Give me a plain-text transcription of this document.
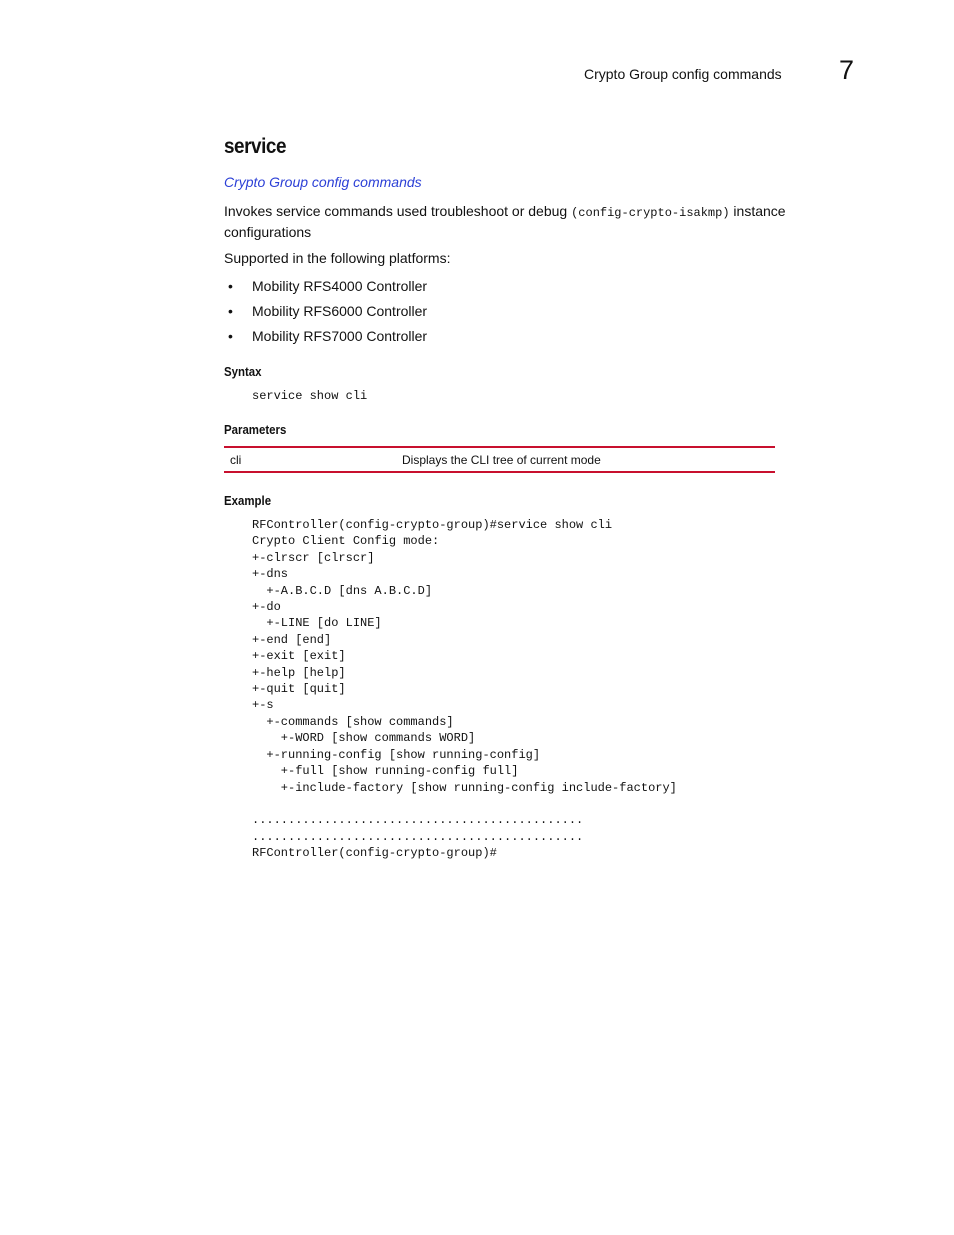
Crypto Group config commands 7
service
Crypto Group config commands

Invokes service commands used troubleshoot or debug (config-crypto-isakmp) instance configurations

Supported in the following platforms:

• Mobility RFS4000 Controller
• Mobility RFS6000 Controller
• Mobility RFS7000 Controller
Syntax
service show cli
Parameters
cli	Displays the CLI tree of current mode
Example
RFController(config-crypto-group)#service show cli
Crypto Client Config mode:
+-clrscr [clrscr]
+-dns
+-A.B.C.D [dns A.B.C.D]
+-do
+-LINE [do LINE]
+-end [end]
+-exit [exit]
+-help [help]
+-quit [quit]
+-s
+-commands [show commands]
+-WORD [show commands WORD]
+-running-config [show running-config]
+-full [show running-config full]
+-include-factory [show running-config include-factory]

..............................................
..............................................
RFController(config-crypto-group)#
